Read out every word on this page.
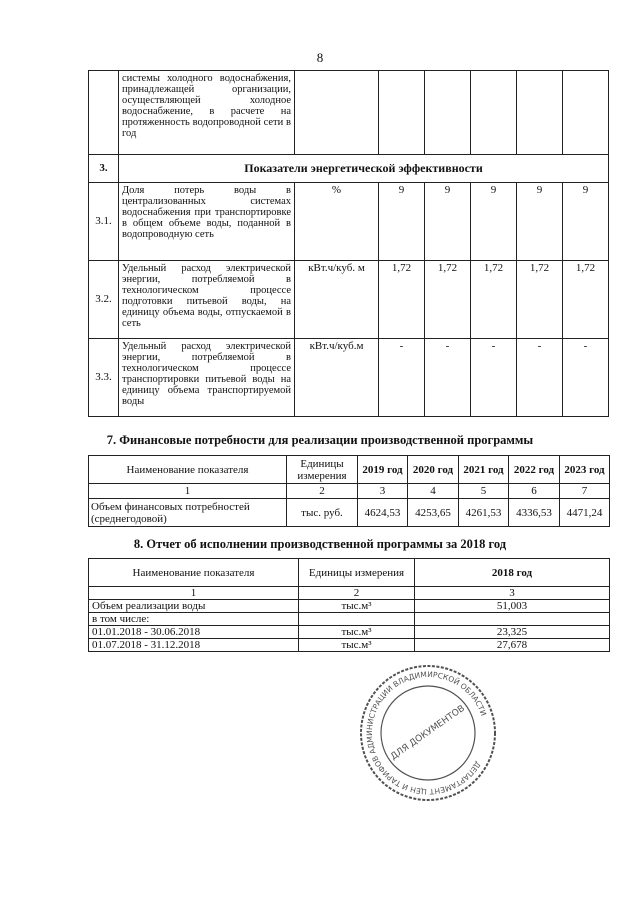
8
	системы холодного водоснабжения, принадлежащей организации, осуществляющей холодное водоснабжение, в расчете на протяженность водопроводной сети в год						
3.	Показатели энергетической эффективности						
3.1.	Доля потерь воды в централизованных системах водоснабжения при транспортировке в общем объеме воды, поданной в водопроводную сеть	%	9	9	9	9	9
3.2.	Удельный расход электрической энергии, потребляемой в технологическом процессе подготовки питьевой воды, на единицу объема воды, отпускаемой в сеть	кВт.ч/куб. м	1,72	1,72	1,72	1,72	1,72
3.3.	Удельный расход электрической энергии, потребляемой в технологическом процессе транспортировки питьевой воды на единицу объема транспортируемой воды	кВт.ч/куб.м	-	-	-	-	-
7. Финансовые потребности для реализации производственной программы
Наименование показателя	Единицы измерения	2019 год	2020 год	2021 год	2022 год	2023 год
1	2	3	4	5	6	7
Объем финансовых потребностей (среднегодовой)	тыс. руб.	4624,53	4253,65	4261,53	4336,53	4471,24
8. Отчет об исполнении производственной программы за 2018 год
Наименование показателя	Единицы измерения	2018 год
1	2	3
Объем реализации воды	тыс.м³	51,003
в том числе:		
01.01.2018 - 30.06.2018	тыс.м³	23,325
01.07.2018 - 31.12.2018	тыс.м³	27,678
ДЕПАРТАМЕНТ ЦЕН И ТАРИФОВ АДМИНИСТРАЦИИ ВЛАДИМИРСКОЙ ОБЛАСТИ
ДЛЯ ДОКУМЕНТОВ
